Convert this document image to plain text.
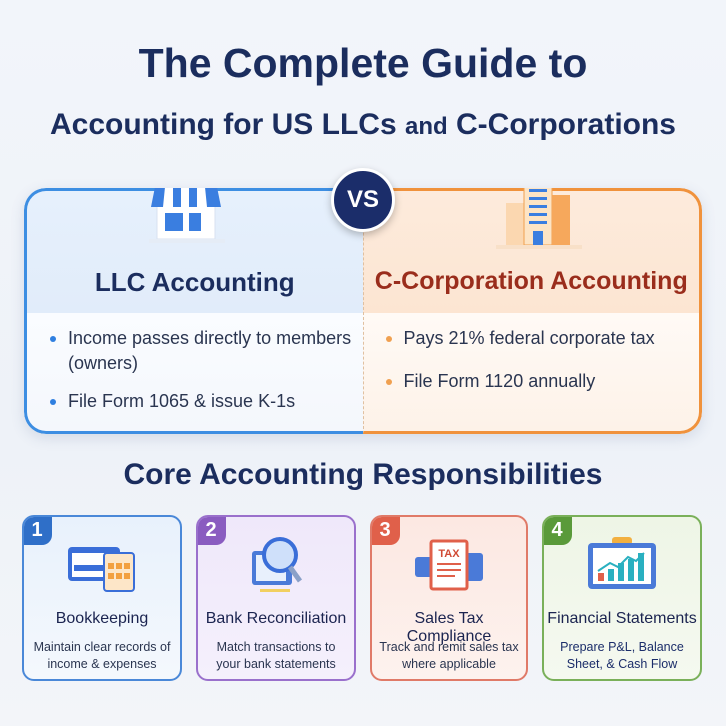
The Complete Guide to
Accounting for US LLCs and C-Corporations
LLC Accounting
Income passes directly to members (owners)
File Form 1065 & issue K-1s
C-Corporation Accounting
Pays 21% federal corporate tax
File Form 1120 annually
VS
Core Accounting Responsibilities
1
Bookkeeping

Maintain clear records of income & expenses

2
Bank Reconciliation

Match transactions to your bank statements

3
TAX
Sales Tax Compliance

Track and remit sales tax where applicable

4
Financial Statements

Prepare P&L, Balance Sheet, & Cash Flow
